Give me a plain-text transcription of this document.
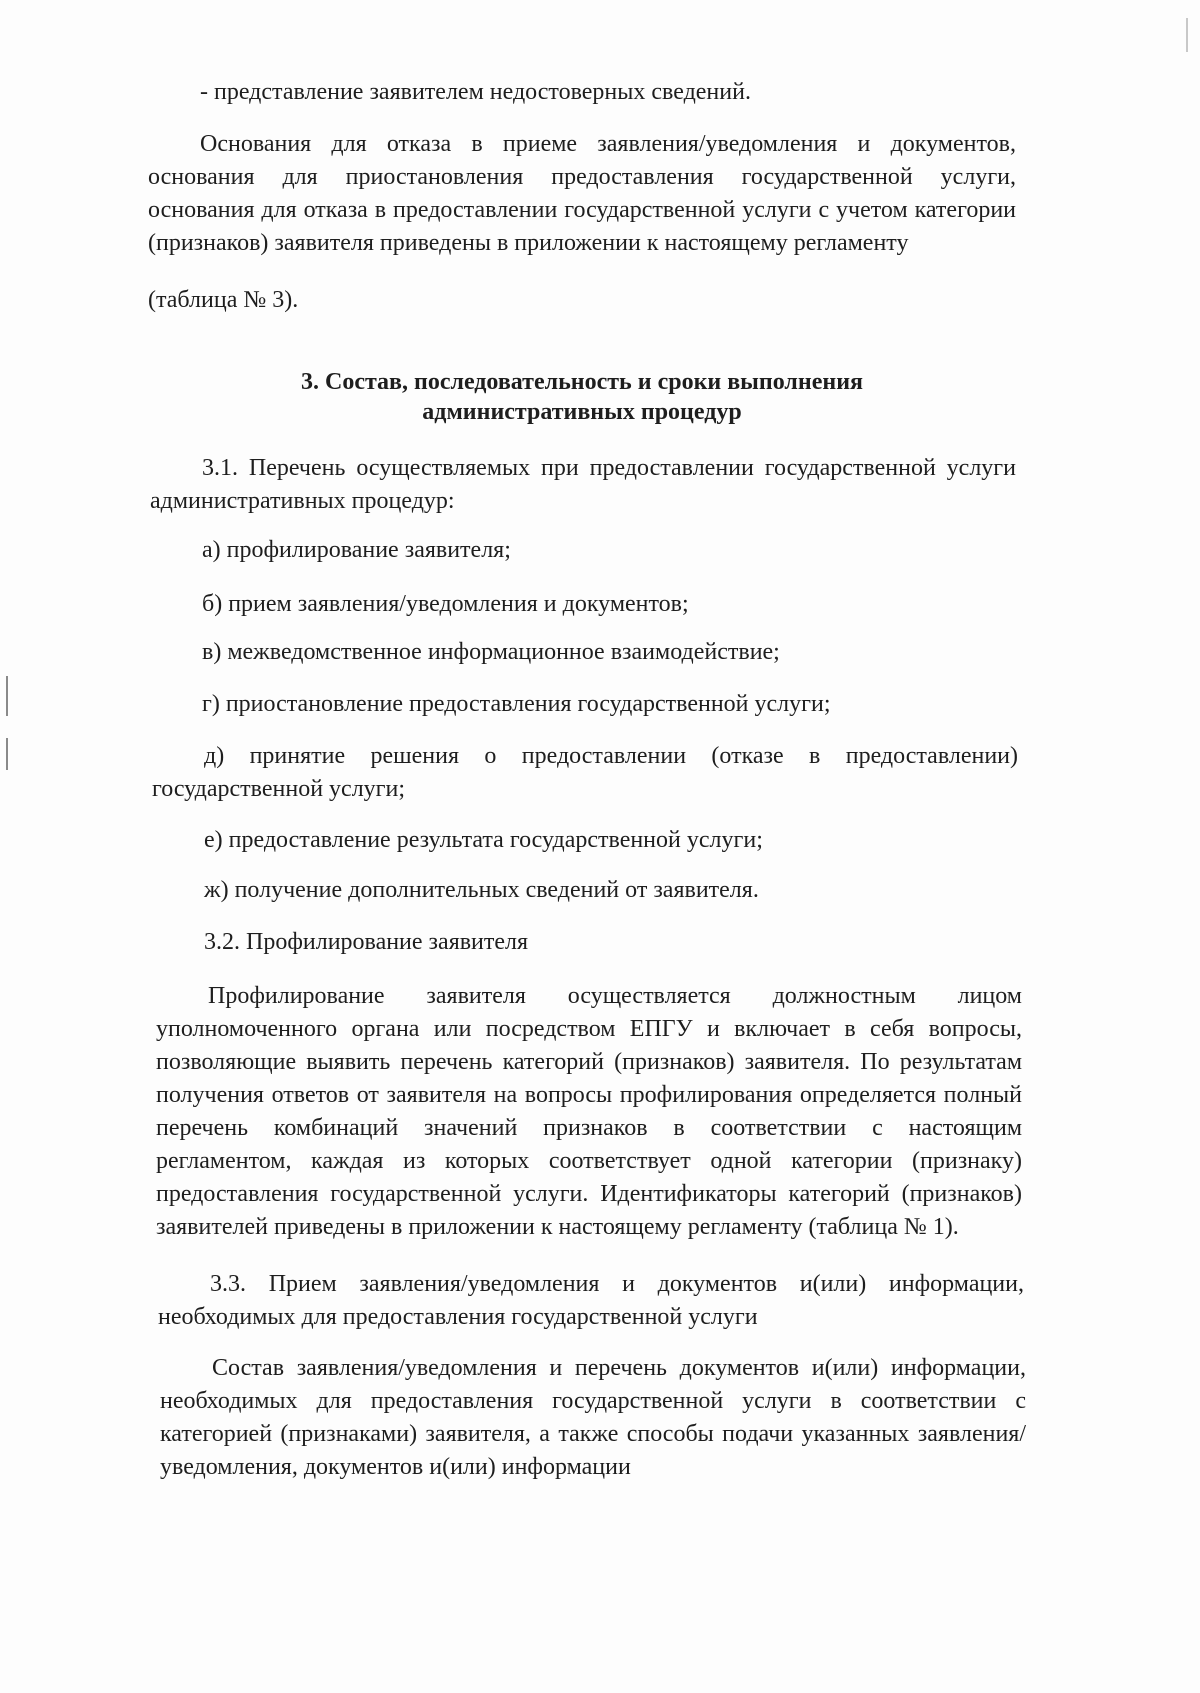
- представление заявителем недостоверных сведений.

Основания для отказа в приеме заявления/уведомления и документов, основания для приостановления предоставления государственной услуги, основания для отказа в предоставлении государственной услуги с учетом категории (признаков) заявителя приведены в приложении к настоящему регламенту

(таблица № 3).

3. Состав, последовательность и сроки выполнения

административных процедур

3.1. Перечень осуществляемых при предоставлении государственной услуги административных процедур:

а) профилирование заявителя;

б) прием заявления/уведомления и документов;

в) межведомственное информационное взаимодействие;

г) приостановление предоставления государственной услуги;

д) принятие решения о предоставлении (отказе в предоставлении) государственной услуги;

е) предоставление результата государственной услуги;

ж) получение дополнительных сведений от заявителя.

3.2. Профилирование заявителя

Профилирование заявителя осуществляется должностным лицом уполномоченного органа или посредством ЕПГУ и включает в себя вопросы, позволяющие выявить перечень категорий (признаков) заявителя. По результатам получения ответов от заявителя на вопросы профилирования определяется полный перечень комбинаций значений признаков в соответствии с настоящим регламентом, каждая из которых соответствует одной категории (признаку) предоставления государственной услуги. Идентификаторы категорий (признаков) заявителей приведены в приложении к настоящему регламенту (таблица № 1).

3.3. Прием заявления/уведомления и документов и(или) информации, необходимых для предоставления государственной услуги

Состав заявления/уведомления и перечень документов и(или) информации, необходимых для предоставления государственной услуги в соответствии с категорией (признаками) заявителя, а также способы подачи указанных заявления/уведомления, документов и(или) информации
